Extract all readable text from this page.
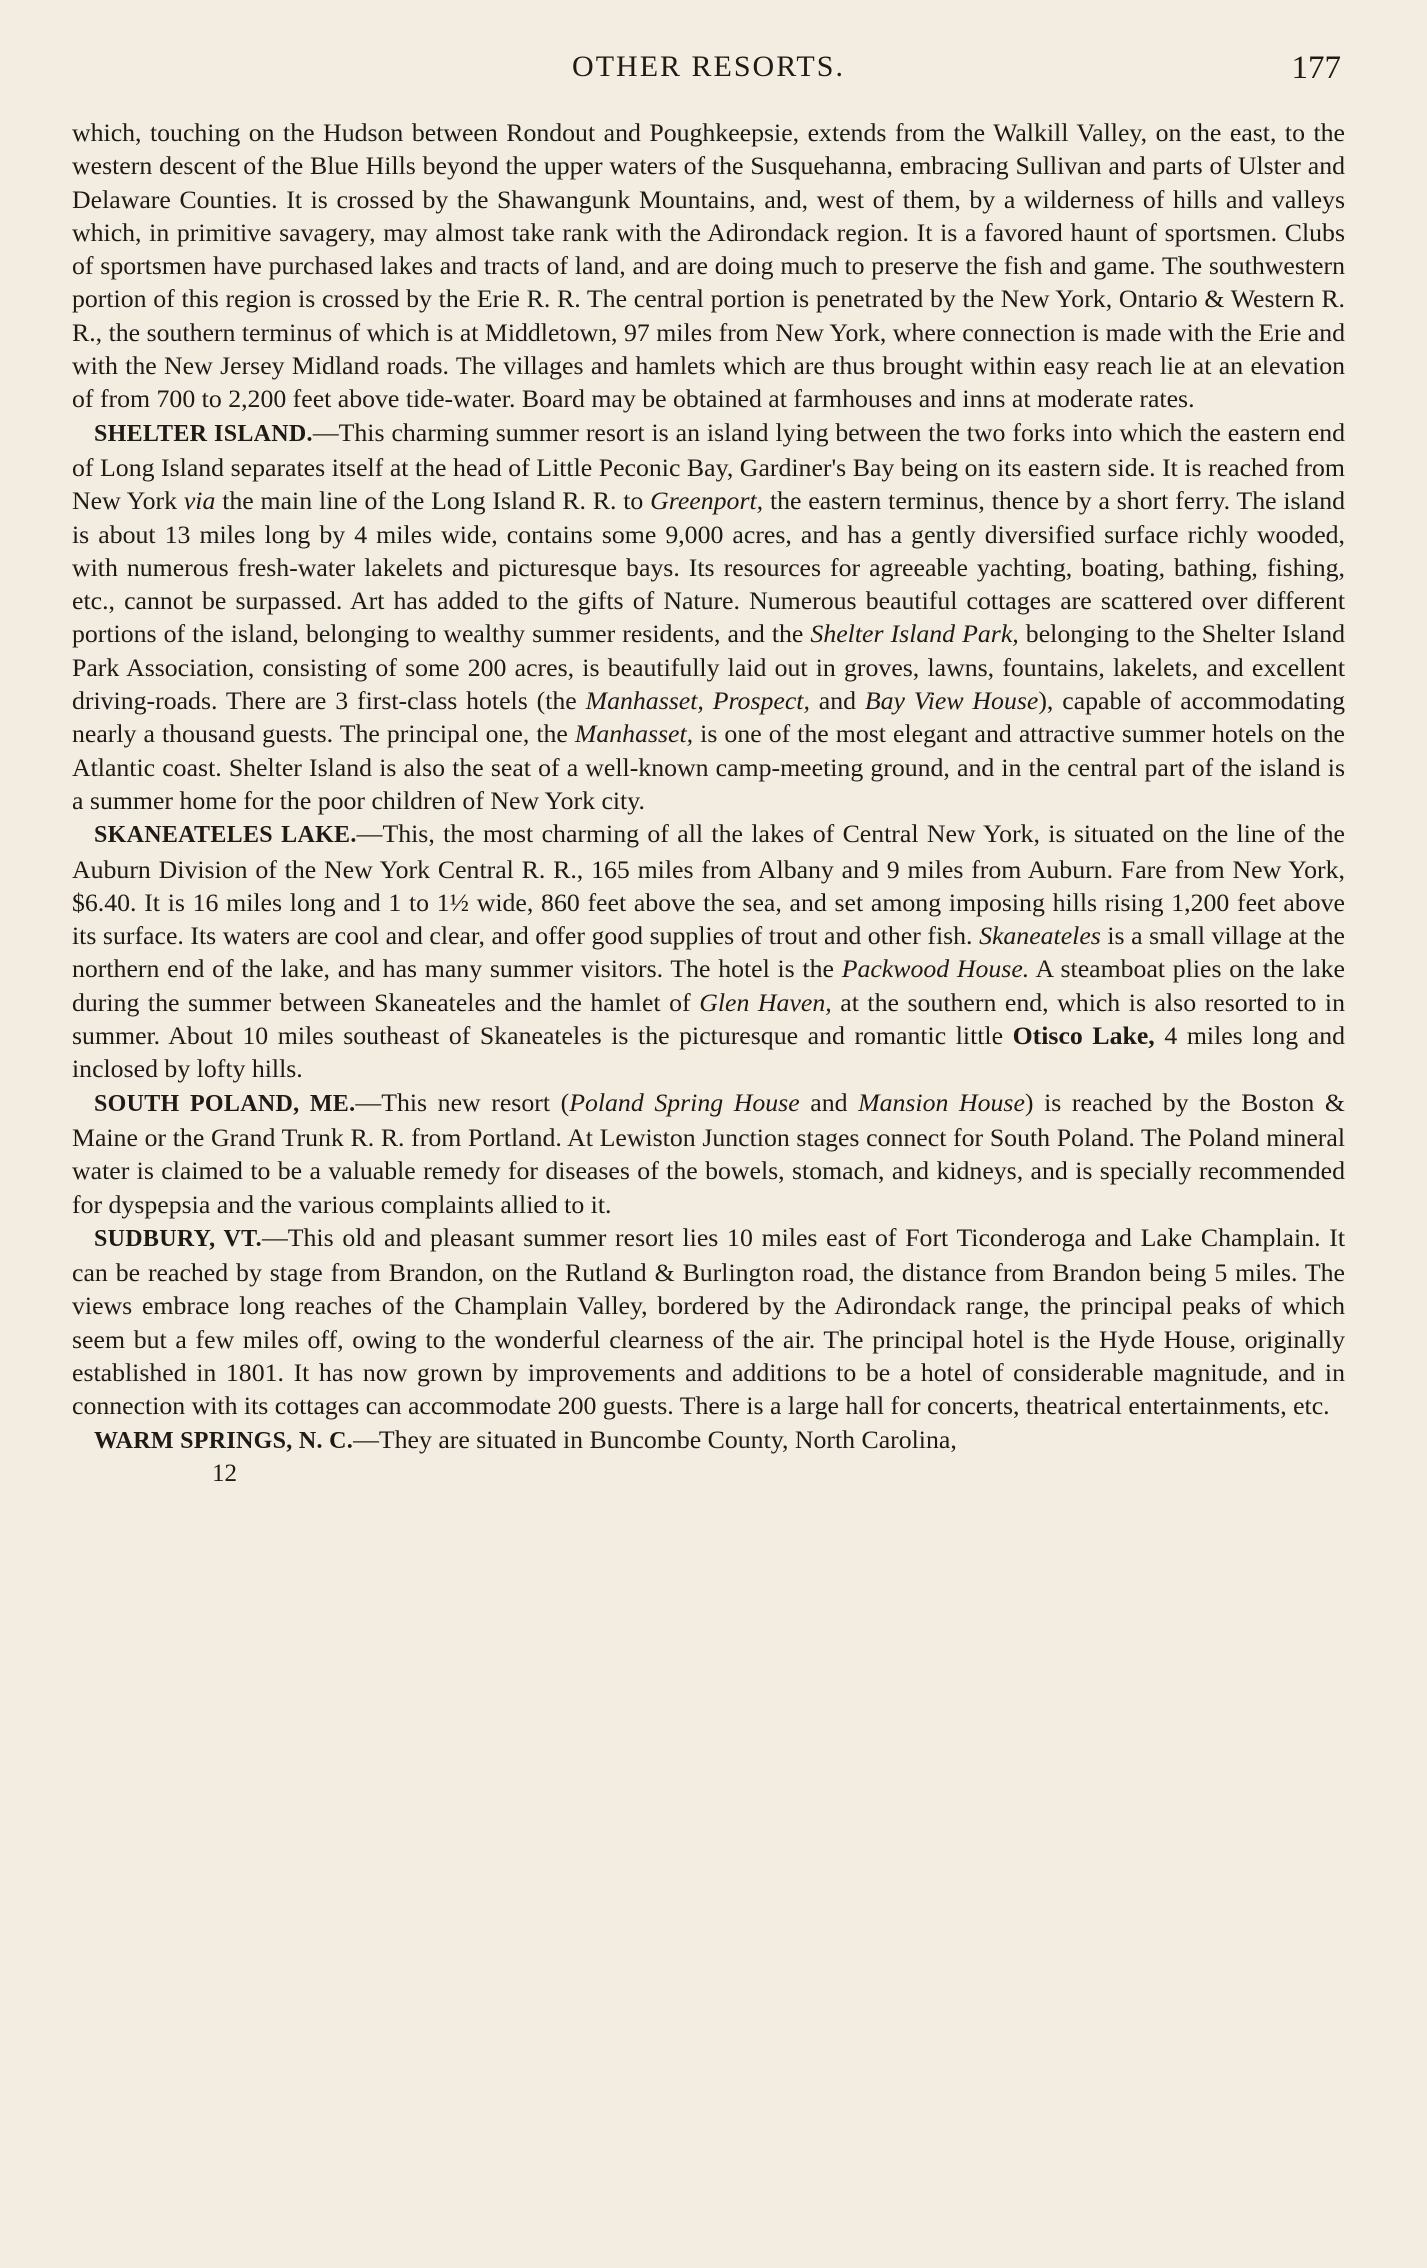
OTHER RESORTS.	177

which, touching on the Hudson between Rondout and Poughkeepsie, extends from the Walkill Valley, on the east, to the western descent of the Blue Hills beyond the upper waters of the Susquehanna, embracing Sullivan and parts of Ulster and Delaware Counties. It is crossed by the Shawangunk Mountains, and, west of them, by a wilderness of hills and valleys which, in primitive savagery, may almost take rank with the Adirondack region. It is a favored haunt of sportsmen. Clubs of sportsmen have purchased lakes and tracts of land, and are doing much to preserve the fish and game. The southwestern portion of this region is crossed by the Erie R. R. The central portion is penetrated by the New York, Ontario & Western R. R., the southern terminus of which is at Middletown, 97 miles from New York, where connection is made with the Erie and with the New Jersey Midland roads. The villages and hamlets which are thus brought within easy reach lie at an elevation of from 700 to 2,200 feet above tide-water. Board may be obtained at farmhouses and inns at moderate rates.

SHELTER ISLAND.—This charming summer resort is an island lying between the two forks into which the eastern end of Long Island separates itself at the head of Little Peconic Bay, Gardiner's Bay being on its eastern side. It is reached from New York via the main line of the Long Island R. R. to Greenport, the eastern terminus, thence by a short ferry. The island is about 13 miles long by 4 miles wide, contains some 9,000 acres, and has a gently diversified surface richly wooded, with numerous fresh-water lakelets and picturesque bays. Its resources for agreeable yachting, boating, bathing, fishing, etc., cannot be surpassed. Art has added to the gifts of Nature. Numerous beautiful cottages are scattered over different portions of the island, belonging to wealthy summer residents, and the Shelter Island Park, belonging to the Shelter Island Park Association, consisting of some 200 acres, is beautifully laid out in groves, lawns, fountains, lakelets, and excellent driving-roads. There are 3 first-class hotels (the Manhasset, Prospect, and Bay View House), capable of accommodating nearly a thousand guests. The principal one, the Manhasset, is one of the most elegant and attractive summer hotels on the Atlantic coast. Shelter Island is also the seat of a well-known camp-meeting ground, and in the central part of the island is a summer home for the poor children of New York city.

SKANEATELES LAKE.—This, the most charming of all the lakes of Central New York, is situated on the line of the Auburn Division of the New York Central R. R., 165 miles from Albany and 9 miles from Auburn. Fare from New York, $6.40. It is 16 miles long and 1 to 1½ wide, 860 feet above the sea, and set among imposing hills rising 1,200 feet above its surface. Its waters are cool and clear, and offer good supplies of trout and other fish. Skaneateles is a small village at the northern end of the lake, and has many summer visitors. The hotel is the Packwood House. A steamboat plies on the lake during the summer between Skaneateles and the hamlet of Glen Haven, at the southern end, which is also resorted to in summer. About 10 miles southeast of Skaneateles is the picturesque and romantic little Otisco Lake, 4 miles long and inclosed by lofty hills.

SOUTH POLAND, ME.—This new resort (Poland Spring House and Mansion House) is reached by the Boston & Maine or the Grand Trunk R. R. from Portland. At Lewiston Junction stages connect for South Poland. The Poland mineral water is claimed to be a valuable remedy for diseases of the bowels, stomach, and kidneys, and is specially recommended for dyspepsia and the various complaints allied to it.

SUDBURY, VT.—This old and pleasant summer resort lies 10 miles east of Fort Ticonderoga and Lake Champlain. It can be reached by stage from Brandon, on the Rutland & Burlington road, the distance from Brandon being 5 miles. The views embrace long reaches of the Champlain Valley, bordered by the Adirondack range, the principal peaks of which seem but a few miles off, owing to the wonderful clearness of the air. The principal hotel is the Hyde House, originally established in 1801. It has now grown by improvements and additions to be a hotel of considerable magnitude, and in connection with its cottages can accommodate 200 guests. There is a large hall for concerts, theatrical entertainments, etc.

WARM SPRINGS, N. C.—They are situated in Buncombe County, North Carolina,

12
